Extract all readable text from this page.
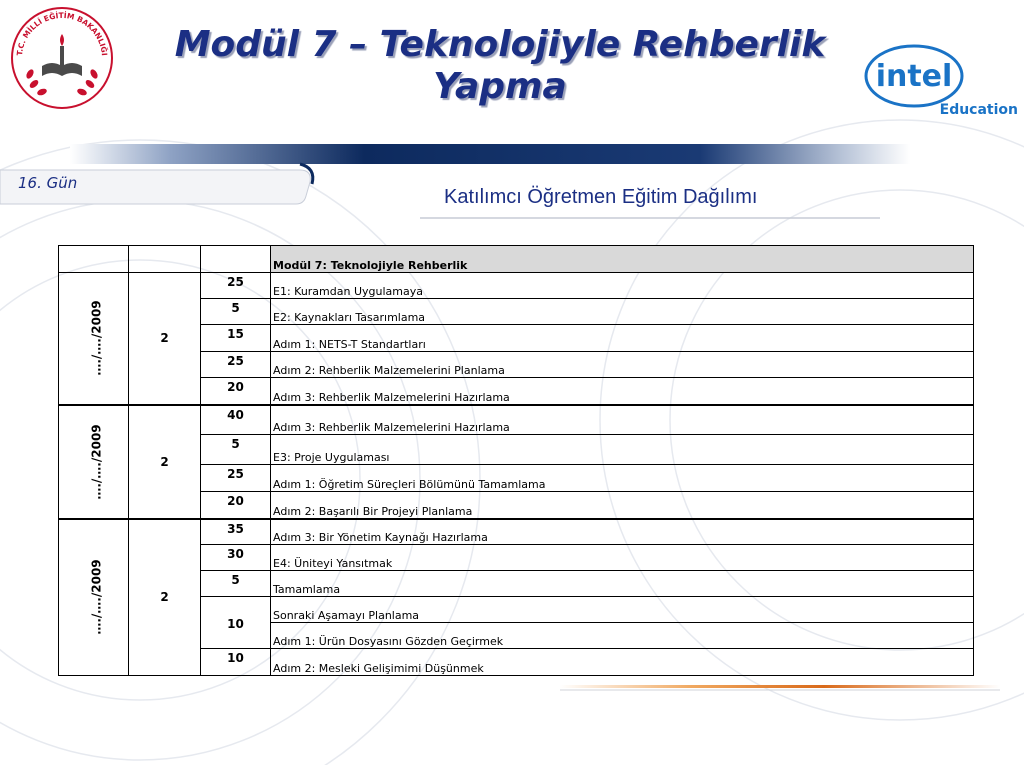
T.C. MİLLİ EĞİTİM BAKANLIĞI	Modül 7 – Teknolojiyle Rehberlik
Yapma	intel
Education
16. Gün
Katılımcı Öğretmen Eğitim Dağılımı
			Modül 7: Teknolojiyle Rehberlik
…./…./2009	2	25	E1: Kuramdan Uygulamaya
		5	E2: Kaynakları Tasarımlama
		15	Adım 1: NETS-T Standartları
		25	Adım 2: Rehberlik Malzemelerini Planlama
		20	Adım 3: Rehberlik Malzemelerini Hazırlama
…./…./2009	2	40	Adım 3: Rehberlik Malzemelerini Hazırlama
		5	E3: Proje Uygulaması
		25	Adım 1: Öğretim Süreçleri Bölümünü Tamamlama
		20	Adım 2: Başarılı Bir Projeyi Planlama
…./…./2009	2	35	Adım 3: Bir Yönetim Kaynağı Hazırlama
		30	E4: Üniteyi Yansıtmak
		5	Tamamlama
		10	Sonraki Aşamayı Planlama
			Adım 1: Ürün Dosyasını Gözden Geçirmek
		10	Adım 2: Mesleki Gelişimimi Düşünmek
